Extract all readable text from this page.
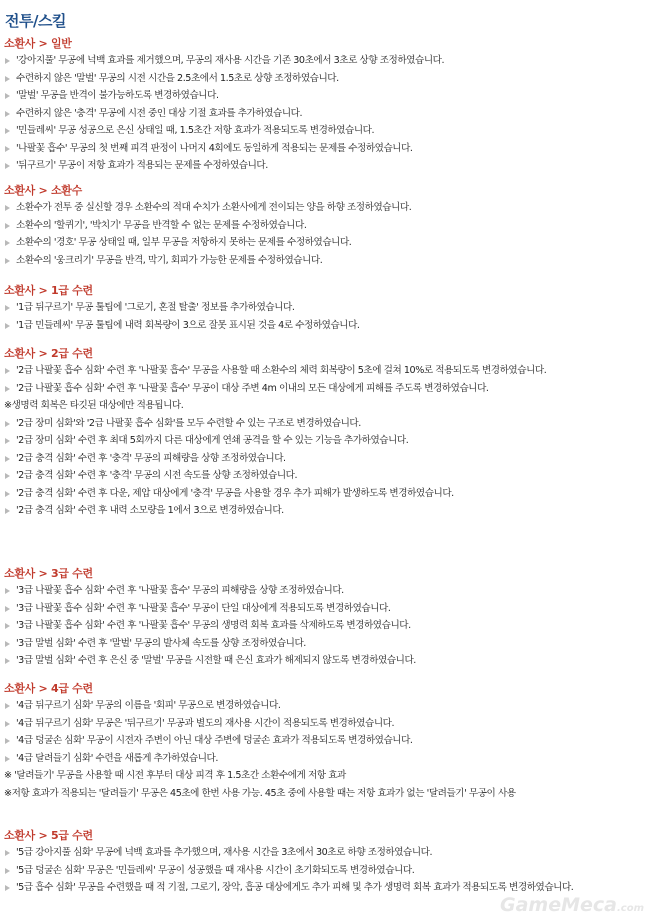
전투/스킬
소환사 > 일반
'강아지풀' 무공에 넉백 효과를 제거했으며, 무공의 재사용 시간을 기존 30초에서 3초로 상향 조정하였습니다.
수련하지 않은 '말벌' 무공의 시전 시간을 2.5초에서 1.5초로 상향 조정하였습니다.
'말벌' 무공을 반격이 불가능하도록 변경하였습니다.
수련하지 않은 '충격' 무공에 시전 중인 대상 기절 효과를 추가하였습니다.
'민들레씨' 무공 성공으로 은신 상태일 때, 1.5초간 저항 효과가 적용되도록 변경하였습니다.
'나팔꽃 흡수' 무공의 첫 번째 피격 판정이 나머지 4회에도 동일하게 적용되는 문제를 수정하였습니다.
'뒤구르기' 무공이 저항 효과가 적용되는 문제를 수정하였습니다.
소환사 > 소환수
소환수가 전투 중 실신할 경우 소환수의 적대 수치가 소환사에게 전이되는 양을 하향 조정하였습니다.
소환수의 '할퀴기', '박치기' 무공을 반격할 수 없는 문제를 수정하였습니다.
소환수의 '경호' 무공 상태일 때, 일부 무공을 저항하지 못하는 문제를 수정하였습니다.
소환수의 '웅크리기' 무공을 반격, 막기, 회피가 가능한 문제를 수정하였습니다.
소환사 > 1급 수련
'1급 뒤구르기' 무공 툴팁에 '그로기, 혼절 탈출' 정보를 추가하였습니다.
'1급 민들레씨' 무공 툴팁에 내력 회복량이 3으로 잘못 표시된 것을 4로 수정하였습니다.
소환사 > 2급 수련
'2급 나팔꽃 흡수 심화' 수련 후 '나팔꽃 흡수' 무공을 사용할 때 소환수의 체력 회복량이 5초에 걸쳐 10%로 적용되도록 변경하였습니다.
'2급 나팔꽃 흡수 심화' 수련 후 '나팔꽃 흡수' 무공이 대상 주변 4m 이내의 모든 대상에게 피해를 주도록 변경하였습니다.
※생명력 회복은 타깃된 대상에만 적용됩니다.
'2급 장미 심화'와 '2급 나팔꽃 흡수 심화'를 모두 수련할 수 있는 구조로 변경하였습니다.
'2급 장미 심화' 수련 후 최대 5회까지 다른 대상에게 연쇄 공격을 할 수 있는 기능을 추가하였습니다.
'2급 충격 심화' 수련 후 '충격' 무공의 피해량을 상향 조정하였습니다.
'2급 충격 심화' 수련 후 '충격' 무공의 시전 속도를 상향 조정하였습니다.
'2급 충격 심화' 수련 후 다운, 제압 대상에게 '충격' 무공을 사용할 경우 추가 피해가 발생하도록 변경하였습니다.
'2급 충격 심화' 수련 후 내력 소모량을 1에서 3으로 변경하였습니다.
소환사 > 3급 수련
'3급 나팔꽃 흡수 심화' 수련 후 '나팔꽃 흡수' 무공의 피해량을 상향 조정하였습니다.
'3급 나팔꽃 흡수 심화' 수련 후 '나팔꽃 흡수' 무공이 단일 대상에게 적용되도록 변경하였습니다.
'3급 나팔꽃 흡수 심화' 수련 후 '나팔꽃 흡수' 무공의 생명력 회복 효과를 삭제하도록 변경하였습니다.
'3급 말벌 심화' 수련 후 '말벌' 무공의 발사체 속도를 상향 조정하였습니다.
'3급 말벌 심화' 수련 후 은신 중 '말벌' 무공을 시전할 때 은신 효과가 해제되지 않도록 변경하였습니다.
소환사 > 4급 수련
'4급 뒤구르기 심화' 무공의 이름을 '회피' 무공으로 변경하였습니다.
'4급 뒤구르기 심화' 무공은 '뒤구르기' 무공과 별도의 재사용 시간이 적용되도록 변경하였습니다.
'4급 덩굴손 심화' 무공이 시전자 주변이 아닌 대상 주변에 덩굴손 효과가 적용되도록 변경하였습니다.
'4급 달려들기 심화' 수련을 새롭게 추가하였습니다.
※ '달려들기' 무공을 사용할 때 시전 후부터 대상 피격 후 1.5초간 소환수에게 저항 효과
※저항 효과가 적용되는 '달려들기' 무공은 45초에 한번 사용 가능. 45초 중에 사용할 때는 저항 효과가 없는 '달려들기' 무공이 사용
소환사 > 5급 수련
'5급 강아지풀 심화' 무공에 넉백 효과를 추가했으며, 재사용 시간을 3초에서 30초로 하향 조정하였습니다.
'5급 덩굴손 심화' 무공은 '민들레씨' 무공이 성공했을 때 재사용 시간이 초기화되도록 변경하였습니다.
'5급 흡수 심화' 무공을 수련했을 때 적 기절, 그로기, 장악, 흡공 대상에게도 추가 피해 및 추가 생명력 회복 효과가 적용되도록 변경하였습니다.
GameMeca.com
